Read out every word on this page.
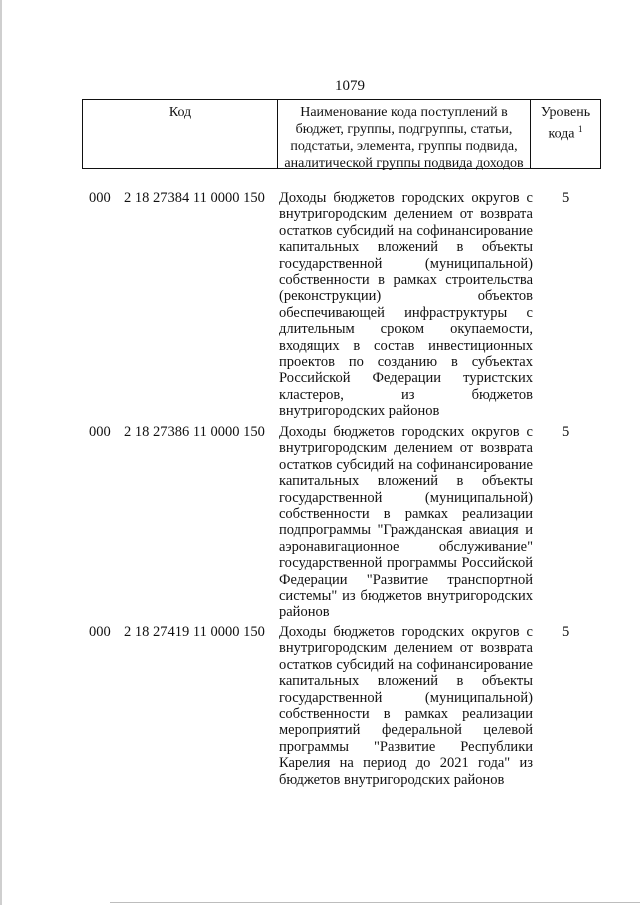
1079
Код	Наименование кода поступлений в
бюджет, группы, подгруппы, статьи,
подстатьи, элемента, группы подвида,
аналитической группы подвида доходов
Уровень
кода $^1$
000 2 18 27384 11 0000 150 Доходы бюджетов городских округов с
внутригородским делением от возврата
остатков субсидий на софинансирование
капитальных вложений в объекты
государственной (муниципальной)
собственности в рамках строительства
(реконструкции) объектов
обеспечивающей инфраструктуры с
длительным сроком окупаемости,
входящих в состав инвестиционных
проектов по созданию в субъектах
Российской Федерации туристских
кластеров, из бюджетов
внутригородских районов
5
000 2 18 27386 11 0000 150 Доходы бюджетов городских округов с
внутригородским делением от возврата
остатков субсидий на софинансирование
капитальных вложений в объекты
государственной (муниципальной)
собственности в рамках реализации
подпрограммы "Гражданская авиация и
аэронавигационное обслуживание"
государственной программы Российской
Федерации "Развитие транспортной
системы" из бюджетов внутригородских
районов
5
000 2 18 27419 11 0000 150 Доходы бюджетов городских округов с
внутригородским делением от возврата
остатков субсидий на софинансирование
капитальных вложений в объекты
государственной (муниципальной)
собственности в рамках реализации
мероприятий федеральной целевой
программы "Развитие Республики
Карелия на период до 2021 года" из
бюджетов внутригородских районов
5
